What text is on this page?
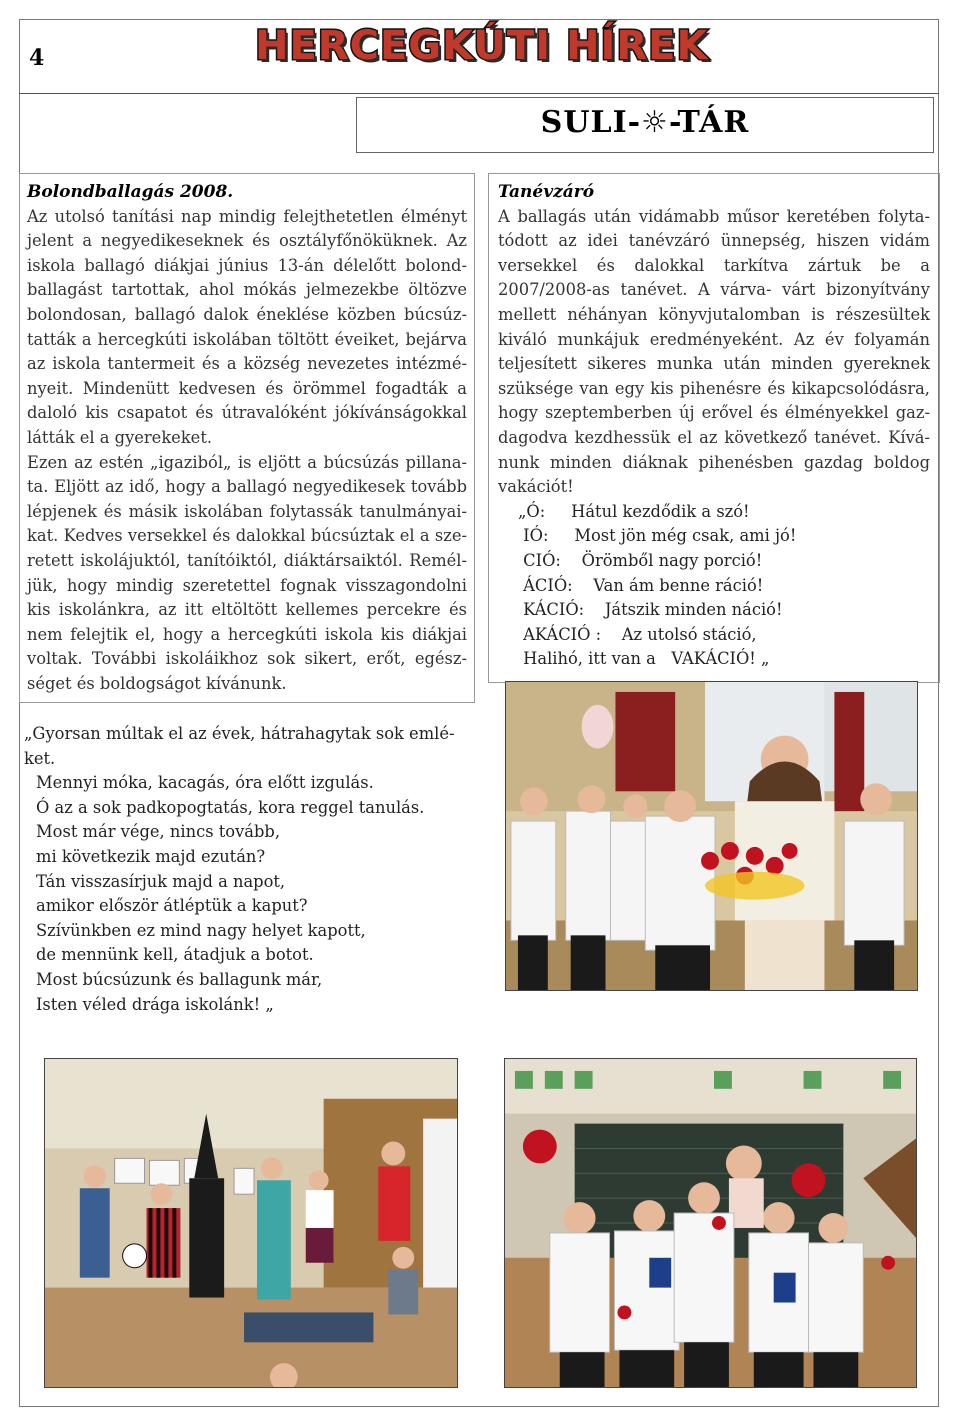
4	HERCEGKÚTI HÍREK
SULI-☼-TÁR
Bolondballagás 2008.

Az utolsó tanítási nap mindig felejthetetlen élményt jelent a negyedikeseknek és osztályfőnöküknek. Az iskola ballagó diákjai június 13-án délelőtt bolondballagást tartottak, ahol mókás jelmezekbe öltözve bolondosan, ballagó dalok éneklése közben búcsúztatták a hercegkúti iskolában töltött éveiket, bejárva az iskola tantermeit és a község nevezetes intézményeit. Mindenütt kedvesen és örömmel fogadták a daloló kis csapatot és útravalóként jókívánságokkal látták el a gyerekeket.

Ezen az estén „igaziból„ is eljött a búcsúzás pillanata. Eljött az idő, hogy a ballagó negyedikesek tovább lépjenek és másik iskolában folytassák tanulmányaikat. Kedves versekkel és dalokkal búcsúztak el a szeretett iskolájuktól, tanítóiktól, diáktársaiktól. Reméljük, hogy mindig szeretettel fognak visszagondolni kis iskolánkra, az itt eltöltött kellemes percekre és nem felejtik el, hogy a hercegkúti iskola kis diákjai voltak. További iskoláikhoz sok sikert, erőt, egészséget és boldogságot kívánunk.

„Gyorsan múltak el az évek, hátrahagytak sok emléket.
Mennyi móka, kacagás, óra előtt izgulás.
Ó az a sok padkopogtatás, kora reggel tanulás.
Most már vége, nincs tovább,
mi következik majd ezután?
Tán visszasírjuk majd a napot,
amikor először átléptük a kaput?
Szívünkben ez mind nagy helyet kapott,
de mennünk kell, átadjuk a botot.
Most búcsúzunk és ballagunk már,
Isten véled drága iskolánk! „
Tanévzáró

A ballagás után vidámabb műsor keretében folytatódott az idei tanévzáró ünnepség, hiszen vidám versekkel és dalokkal tarkítva zártuk be a 2007/2008-as tanévet. A várva- várt bizonyítvány mellett néhányan könyvjutalomban is részesültek kiváló munkájuk eredményeként. Az év folyamán teljesített sikeres munka után minden gyereknek szüksége van egy kis pihenésre és kikapcsolódásra, hogy szeptemberben új erővel és élményekkel gazdagodva kezdhessük el az következő tanévet. Kívánunk minden diáknak pihenésben gazdag boldog vakációt!

„Ó:     Hátul kezdődik a szó!
IÓ:     Most jön még csak, ami jó!
CIÓ:    Örömből nagy porció!
ÁCIÓ:    Van ám benne ráció!
KÁCIÓ:    Játszik minden náció!
AKÁCIÓ :    Az utolsó stáció,
Halihó, itt van a   VAKÁCIÓ! „
